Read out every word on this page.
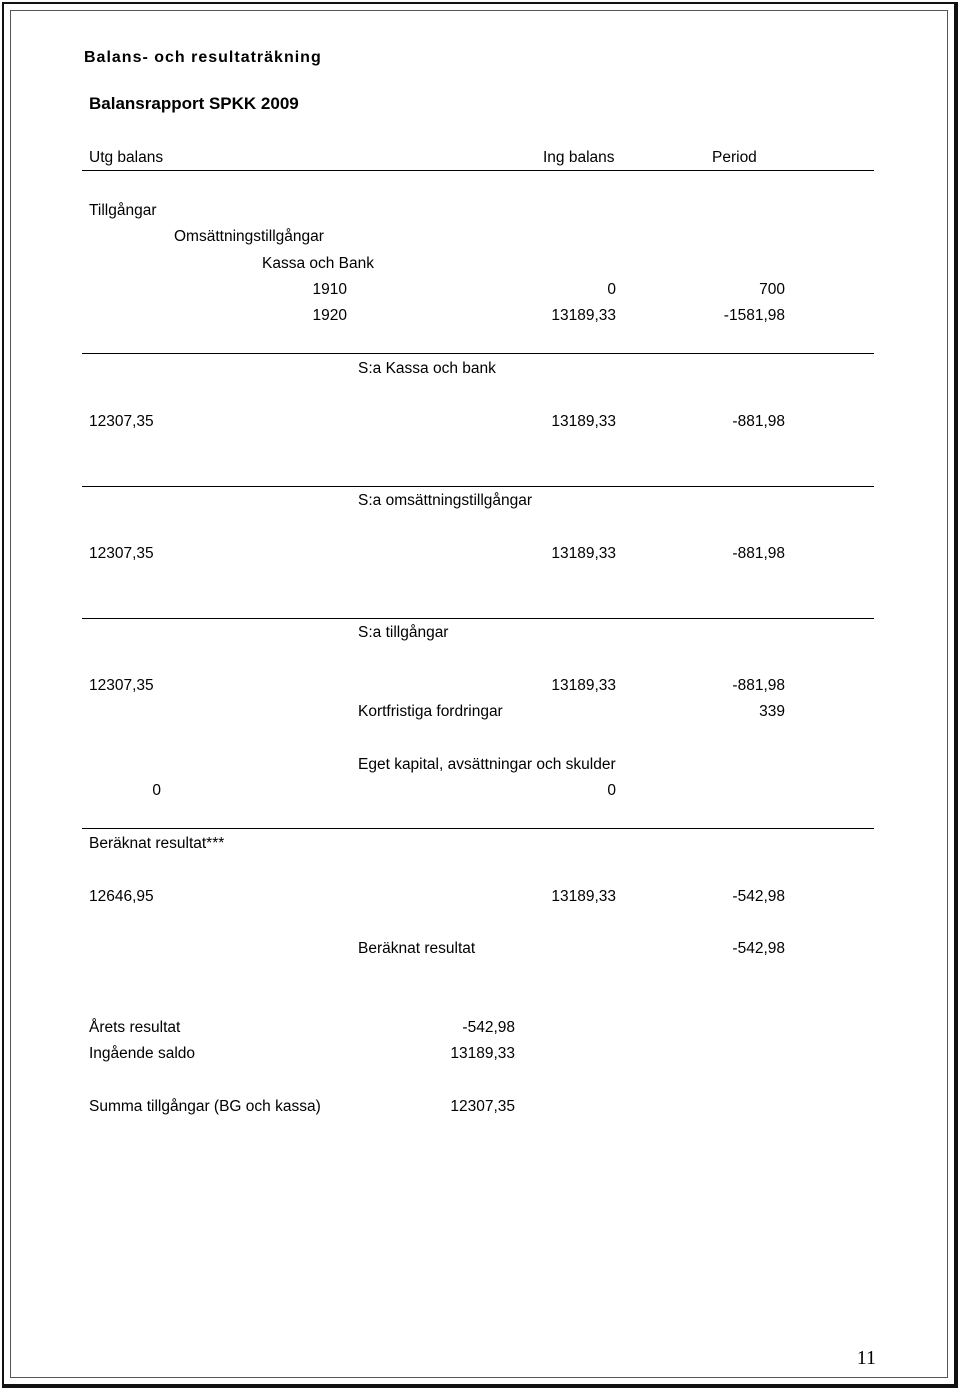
Balans- och resultaträkning
Balansrapport SPKK 2009
Utg balans	Ing balans	Period
Tillgångar
Omsättningstillgångar
Kassa och Bank
1910	0	700
1920	13189,33	-1581,98
S:a Kassa och bank
12307,35	13189,33	-881,98
S:a omsättningstillgångar
12307,35	13189,33	-881,98
S:a tillgångar
12307,35	13189,33	-881,98
Kortfristiga fordringar	339
Eget kapital, avsättningar och skulder
0	0
Beräknat resultat***
12646,95	13189,33	-542,98
Beräknat resultat	-542,98
Årets resultat	-542,98
Ingående saldo	13189,33
Summa tillgångar (BG och kassa)	12307,35
11
